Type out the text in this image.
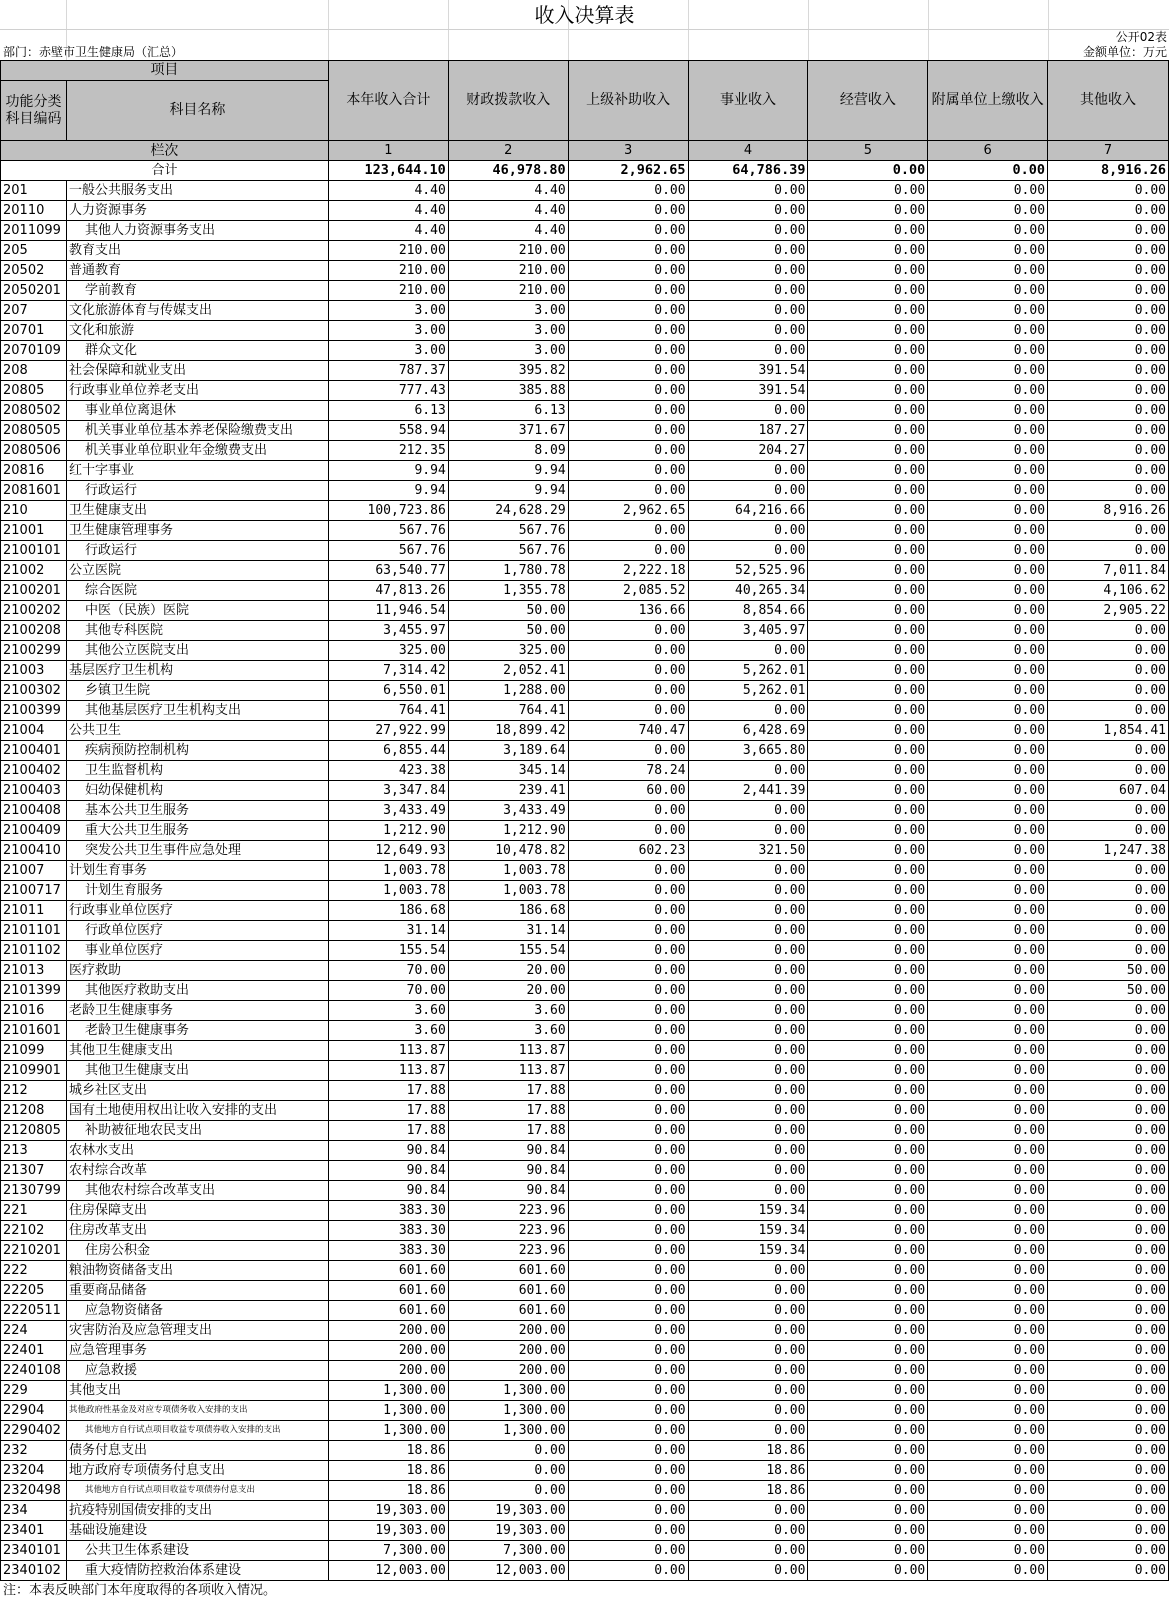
收入决算表
公开02表
部门：赤壁市卫生健康局（汇总）	金额单位：万元
项目		本年收入合计	财政拨款收入	上级补助收入	事业收入	经营收入	附属单位上缴收入	其他收入
功能分类科目编码	科目名称							
栏次		1	2	3	4	5	6	7
合计		123,644.10	46,978.80	2,962.65	64,786.39	0.00	0.00	8,916.26
201	一般公共服务支出	4.40	4.40	0.00	0.00	0.00	0.00	0.00
20110	人力资源事务	4.40	4.40	0.00	0.00	0.00	0.00	0.00
2011099	其他人力资源事务支出	4.40	4.40	0.00	0.00	0.00	0.00	0.00
205	教育支出	210.00	210.00	0.00	0.00	0.00	0.00	0.00
20502	普通教育	210.00	210.00	0.00	0.00	0.00	0.00	0.00
2050201	学前教育	210.00	210.00	0.00	0.00	0.00	0.00	0.00
207	文化旅游体育与传媒支出	3.00	3.00	0.00	0.00	0.00	0.00	0.00
20701	文化和旅游	3.00	3.00	0.00	0.00	0.00	0.00	0.00
2070109	群众文化	3.00	3.00	0.00	0.00	0.00	0.00	0.00
208	社会保障和就业支出	787.37	395.82	0.00	391.54	0.00	0.00	0.00
20805	行政事业单位养老支出	777.43	385.88	0.00	391.54	0.00	0.00	0.00
2080502	事业单位离退休	6.13	6.13	0.00	0.00	0.00	0.00	0.00
2080505	机关事业单位基本养老保险缴费支出	558.94	371.67	0.00	187.27	0.00	0.00	0.00
2080506	机关事业单位职业年金缴费支出	212.35	8.09	0.00	204.27	0.00	0.00	0.00
20816	红十字事业	9.94	9.94	0.00	0.00	0.00	0.00	0.00
2081601	行政运行	9.94	9.94	0.00	0.00	0.00	0.00	0.00
210	卫生健康支出	100,723.86	24,628.29	2,962.65	64,216.66	0.00	0.00	8,916.26
21001	卫生健康管理事务	567.76	567.76	0.00	0.00	0.00	0.00	0.00
2100101	行政运行	567.76	567.76	0.00	0.00	0.00	0.00	0.00
21002	公立医院	63,540.77	1,780.78	2,222.18	52,525.96	0.00	0.00	7,011.84
2100201	综合医院	47,813.26	1,355.78	2,085.52	40,265.34	0.00	0.00	4,106.62
2100202	中医（民族）医院	11,946.54	50.00	136.66	8,854.66	0.00	0.00	2,905.22
2100208	其他专科医院	3,455.97	50.00	0.00	3,405.97	0.00	0.00	0.00
2100299	其他公立医院支出	325.00	325.00	0.00	0.00	0.00	0.00	0.00
21003	基层医疗卫生机构	7,314.42	2,052.41	0.00	5,262.01	0.00	0.00	0.00
2100302	乡镇卫生院	6,550.01	1,288.00	0.00	5,262.01	0.00	0.00	0.00
2100399	其他基层医疗卫生机构支出	764.41	764.41	0.00	0.00	0.00	0.00	0.00
21004	公共卫生	27,922.99	18,899.42	740.47	6,428.69	0.00	0.00	1,854.41
2100401	疾病预防控制机构	6,855.44	3,189.64	0.00	3,665.80	0.00	0.00	0.00
2100402	卫生监督机构	423.38	345.14	78.24	0.00	0.00	0.00	0.00
2100403	妇幼保健机构	3,347.84	239.41	60.00	2,441.39	0.00	0.00	607.04
2100408	基本公共卫生服务	3,433.49	3,433.49	0.00	0.00	0.00	0.00	0.00
2100409	重大公共卫生服务	1,212.90	1,212.90	0.00	0.00	0.00	0.00	0.00
2100410	突发公共卫生事件应急处理	12,649.93	10,478.82	602.23	321.50	0.00	0.00	1,247.38
21007	计划生育事务	1,003.78	1,003.78	0.00	0.00	0.00	0.00	0.00
2100717	计划生育服务	1,003.78	1,003.78	0.00	0.00	0.00	0.00	0.00
21011	行政事业单位医疗	186.68	186.68	0.00	0.00	0.00	0.00	0.00
2101101	行政单位医疗	31.14	31.14	0.00	0.00	0.00	0.00	0.00
2101102	事业单位医疗	155.54	155.54	0.00	0.00	0.00	0.00	0.00
21013	医疗救助	70.00	20.00	0.00	0.00	0.00	0.00	50.00
2101399	其他医疗救助支出	70.00	20.00	0.00	0.00	0.00	0.00	50.00
21016	老龄卫生健康事务	3.60	3.60	0.00	0.00	0.00	0.00	0.00
2101601	老龄卫生健康事务	3.60	3.60	0.00	0.00	0.00	0.00	0.00
21099	其他卫生健康支出	113.87	113.87	0.00	0.00	0.00	0.00	0.00
2109901	其他卫生健康支出	113.87	113.87	0.00	0.00	0.00	0.00	0.00
212	城乡社区支出	17.88	17.88	0.00	0.00	0.00	0.00	0.00
21208	国有土地使用权出让收入安排的支出	17.88	17.88	0.00	0.00	0.00	0.00	0.00
2120805	补助被征地农民支出	17.88	17.88	0.00	0.00	0.00	0.00	0.00
213	农林水支出	90.84	90.84	0.00	0.00	0.00	0.00	0.00
21307	农村综合改革	90.84	90.84	0.00	0.00	0.00	0.00	0.00
2130799	其他农村综合改革支出	90.84	90.84	0.00	0.00	0.00	0.00	0.00
221	住房保障支出	383.30	223.96	0.00	159.34	0.00	0.00	0.00
22102	住房改革支出	383.30	223.96	0.00	159.34	0.00	0.00	0.00
2210201	住房公积金	383.30	223.96	0.00	159.34	0.00	0.00	0.00
222	粮油物资储备支出	601.60	601.60	0.00	0.00	0.00	0.00	0.00
22205	重要商品储备	601.60	601.60	0.00	0.00	0.00	0.00	0.00
2220511	应急物资储备	601.60	601.60	0.00	0.00	0.00	0.00	0.00
224	灾害防治及应急管理支出	200.00	200.00	0.00	0.00	0.00	0.00	0.00
22401	应急管理事务	200.00	200.00	0.00	0.00	0.00	0.00	0.00
2240108	应急救援	200.00	200.00	0.00	0.00	0.00	0.00	0.00
229	其他支出	1,300.00	1,300.00	0.00	0.00	0.00	0.00	0.00
22904	其他政府性基金及对应专项债务收入安排的支出	1,300.00	1,300.00	0.00	0.00	0.00	0.00	0.00
2290402	其他地方自行试点项目收益专项债券收入安排的支出	1,300.00	1,300.00	0.00	0.00	0.00	0.00	0.00
232	债务付息支出	18.86	0.00	0.00	18.86	0.00	0.00	0.00
23204	地方政府专项债务付息支出	18.86	0.00	0.00	18.86	0.00	0.00	0.00
2320498	其他地方自行试点项目收益专项债券付息支出	18.86	0.00	0.00	18.86	0.00	0.00	0.00
234	抗疫特别国债安排的支出	19,303.00	19,303.00	0.00	0.00	0.00	0.00	0.00
23401	基础设施建设	19,303.00	19,303.00	0.00	0.00	0.00	0.00	0.00
2340101	公共卫生体系建设	7,300.00	7,300.00	0.00	0.00	0.00	0.00	0.00
2340102	重大疫情防控救治体系建设	12,003.00	12,003.00	0.00	0.00	0.00	0.00	0.00
注：本表反映部门本年度取得的各项收入情况。
